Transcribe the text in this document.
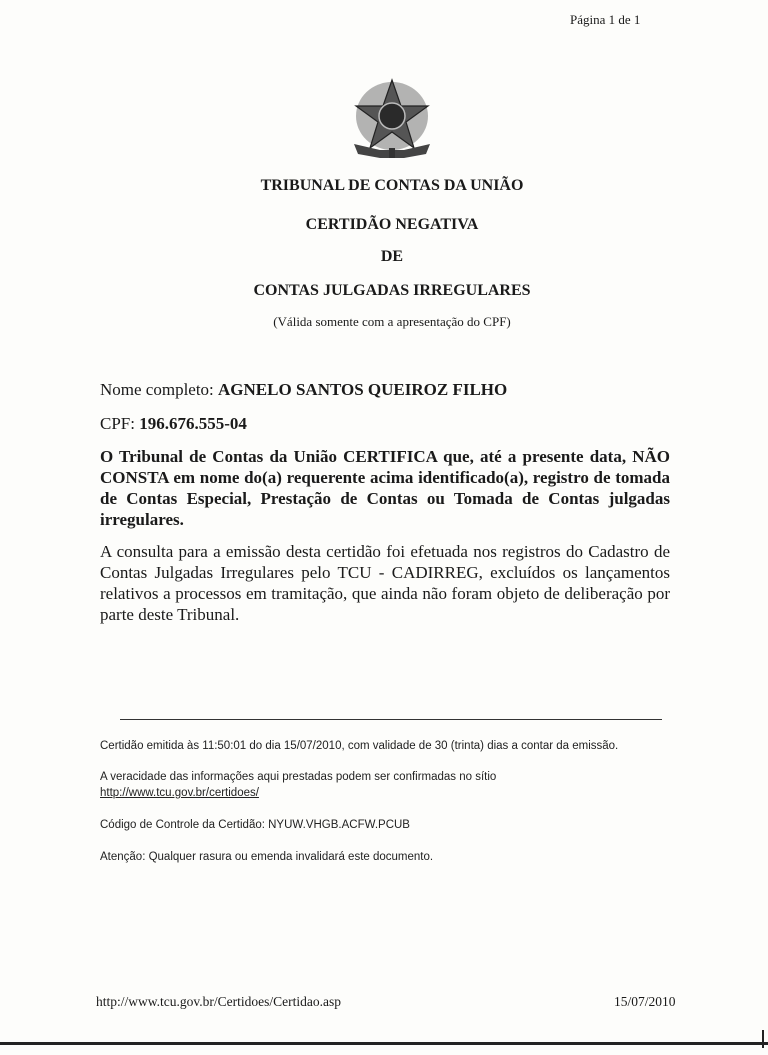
Página 1 de 1
TRIBUNAL DE CONTAS DA UNIÃO
CERTIDÃO NEGATIVA
DE
CONTAS JULGADAS IRREGULARES
(Válida somente com a apresentação do CPF)
Nome completo: AGNELO SANTOS QUEIROZ FILHO
CPF: 196.676.555-04
O Tribunal de Contas da União CERTIFICA que, até a presente data, NÃO CONSTA em nome do(a) requerente acima identificado(a), registro de tomada de Contas Especial, Prestação de Contas ou Tomada de Contas julgadas irregulares.
A consulta para a emissão desta certidão foi efetuada nos registros do Cadastro de Contas Julgadas Irregulares pelo TCU - CADIRREG, excluídos os lançamentos relativos a processos em tramitação, que ainda não foram objeto de deliberação por parte deste Tribunal.
Certidão emitida às 11:50:01 do dia 15/07/2010, com validade de 30 (trinta) dias a contar da emissão.
A veracidade das informações aqui prestadas podem ser confirmadas no sítio
http://www.tcu.gov.br/certidoes/
Código de Controle da Certidão: NYUW.VHGB.ACFW.PCUB
Atenção: Qualquer rasura ou emenda invalidará este documento.
http://www.tcu.gov.br/Certidoes/Certidao.asp	15/07/2010
